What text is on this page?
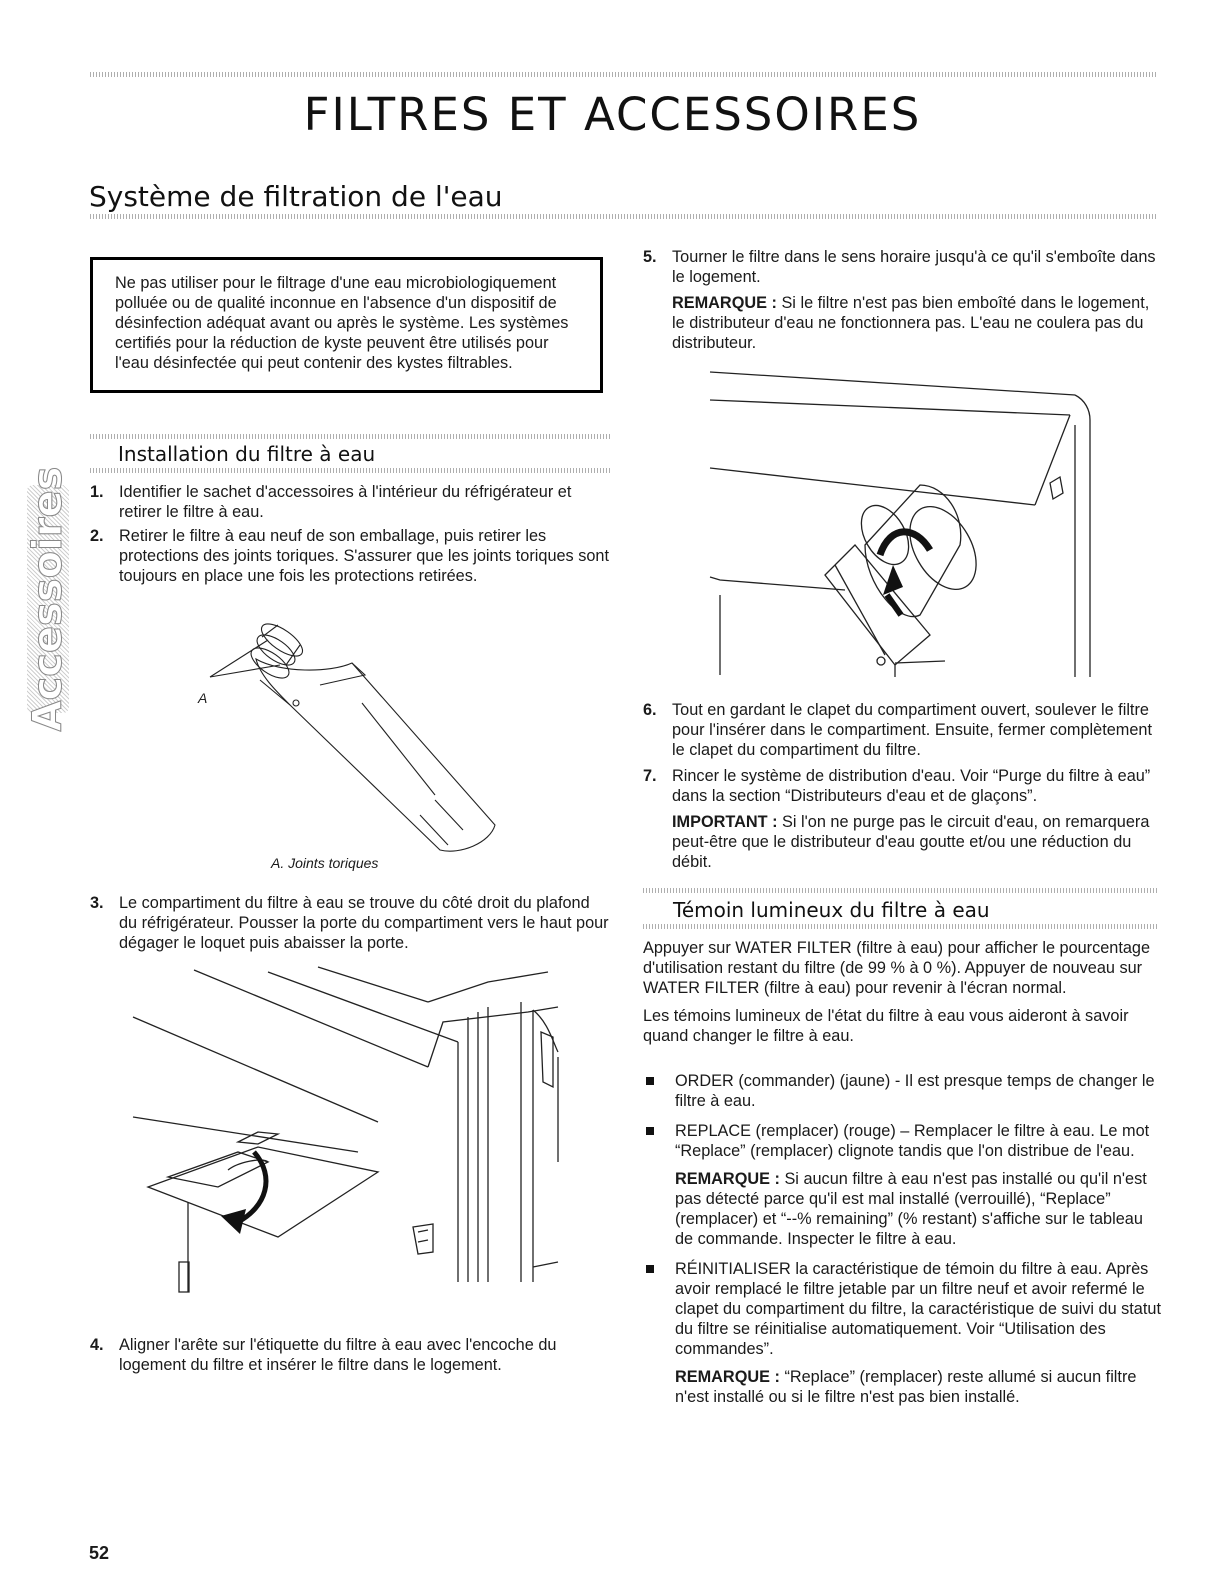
FILTRES ET ACCESSOIRES
Système de filtration de l'eau
Accessoires
Ne pas utiliser pour le filtrage d'une eau microbiologiquement polluée ou de qualité inconnue en l'absence d'un dispositif de désinfection adéquat avant ou après le système. Les systèmes certifiés pour la réduction de kyste peuvent être utilisés pour l'eau désinfectée qui peut contenir des kystes filtrables.
Installation du filtre à eau
1. Identifier le sachet d'accessoires à l'intérieur du réfrigérateur et retirer le filtre à eau.
2. Retirer le filtre à eau neuf de son emballage, puis retirer les protections des joints toriques. S'assurer que les joints toriques sont toujours en place une fois les protections retirées.
A
A. Joints toriques
3. Le compartiment du filtre à eau se trouve du côté droit du plafond du réfrigérateur. Pousser la porte du compartiment vers le haut pour dégager le loquet puis abaisser la porte.
4. Aligner l'arête sur l'étiquette du filtre à eau avec l'encoche du logement du filtre et insérer le filtre dans le logement.
5. Tourner le filtre dans le sens horaire jusqu'à ce qu'il s'emboîte dans le logement.

REMARQUE : Si le filtre n'est pas bien emboîté dans le logement, le distributeur d'eau ne fonctionnera pas. L'eau ne coulera pas du distributeur.

6. Tout en gardant le clapet du compartiment ouvert, soulever le filtre pour l'insérer dans le compartiment. Ensuite, fermer complètement le clapet du compartiment du filtre.
7. Rincer le système de distribution d'eau. Voir “Purge du filtre à eau” dans la section “Distributeurs d'eau et de glaçons”.

IMPORTANT : Si l'on ne purge pas le circuit d'eau, on remarquera peut-être que le distributeur d'eau goutte et/ou une réduction du débit.

Témoin lumineux du filtre à eau

Appuyer sur WATER FILTER (filtre à eau) pour afficher le pourcentage d'utilisation restant du filtre (de 99 % à 0 %). Appuyer de nouveau sur WATER FILTER (filtre à eau) pour revenir à l'écran normal.

Les témoins lumineux de l'état du filtre à eau vous aideront à savoir quand changer le filtre à eau.

ORDER (commander) (jaune) - Il est presque temps de changer le filtre à eau.

REPLACE (remplacer) (rouge) – Remplacer le filtre à eau. Le mot “Replace” (remplacer) clignote tandis que l'on distribue de l'eau.

REMARQUE : Si aucun filtre à eau n'est pas installé ou qu'il n'est pas détecté parce qu'il est mal installé (verrouillé), “Replace” (remplacer) et “--% remaining” (% restant) s'affiche sur le tableau de commande. Inspecter le filtre à eau.

RÉINITIALISER la caractéristique de témoin du filtre à eau. Après avoir remplacé le filtre jetable par un filtre neuf et avoir refermé le clapet du compartiment du filtre, la caractéristique de suivi du statut du filtre se réinitialise automatiquement. Voir “Utilisation des commandes”.

REMARQUE : “Replace” (remplacer) reste allumé si aucun filtre n'est installé ou si le filtre n'est pas bien installé.

52
